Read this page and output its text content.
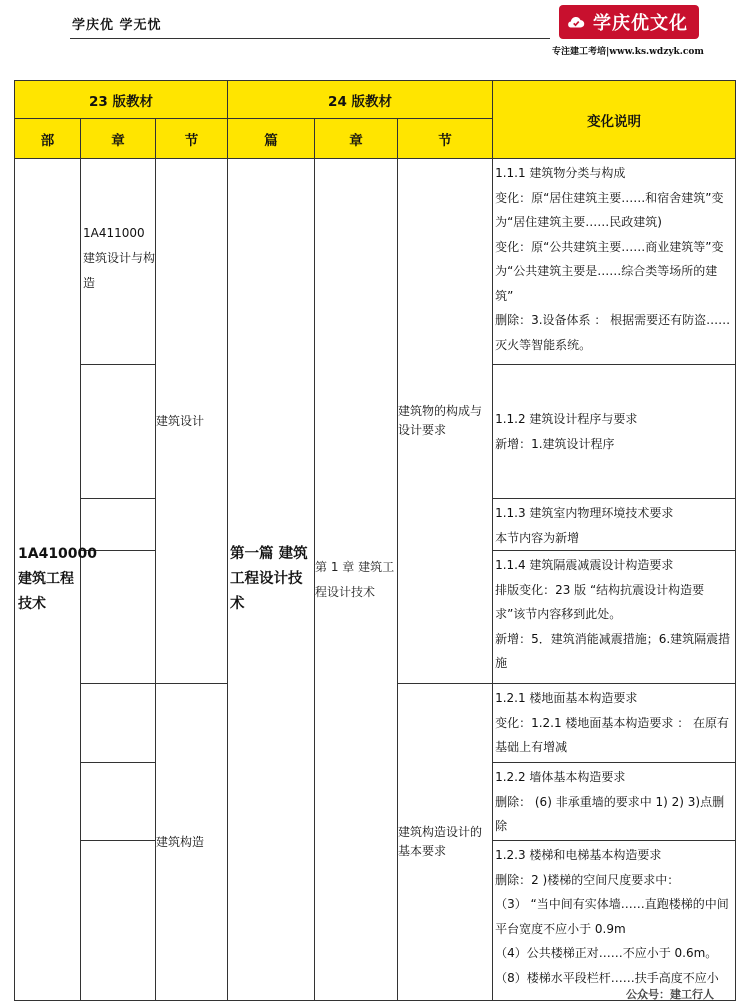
学庆优 学无忧	学庆优文化
专注建工考培|www.ks.wdzyk.com
23 版教材			24 版教材			变化说明
部	章	节	篇	章	节	
1A410000 建筑工程技术	1A411000 建筑设计与构造	建筑设计	第一篇 建筑工程设计技术	第 1 章 建筑工程设计技术	建筑物的构成与设计要求	1.1.1 建筑物分类与构成
变化：原“居住建筑主要……和宿舍建筑”变为“居住建筑主要……民政建筑)
变化：原“公共建筑主要……商业建筑等”变为“公共建筑主要是……综合类等场所的建筑”
删除：3.设备体系 ： 根据需要还有防盗……灭火等智能系统。
						1.1.2 建筑设计程序与要求
新增：1.建筑设计程序
						1.1.3 建筑室内物理环境技术要求
本节内容为新增
						1.1.4 建筑隔震减震设计构造要求
排版变化：23 版 “结构抗震设计构造要求”该节内容移到此处。
新增：5．建筑消能减震措施；6.建筑隔震措施
		建筑构造			建筑构造设计的基本要求	1.2.1 楼地面基本构造要求
变化：1.2.1 楼地面基本构造要求 ： 在原有基础上有增减
						1.2.2 墙体基本构造要求
删除： (6) 非承重墙的要求中 1) 2) 3)点删除
						1.2.3 楼梯和电梯基本构造要求
删除：2 )楼梯的空间尺度要求中：
（3） “当中间有实体墙……直跑楼梯的中间平台宽度不应小于 0.9m
（4）公共楼梯正对……不应小于 0.6m。
（8）楼梯水平段栏杆……扶手高度不应小
公众号：建工行人
